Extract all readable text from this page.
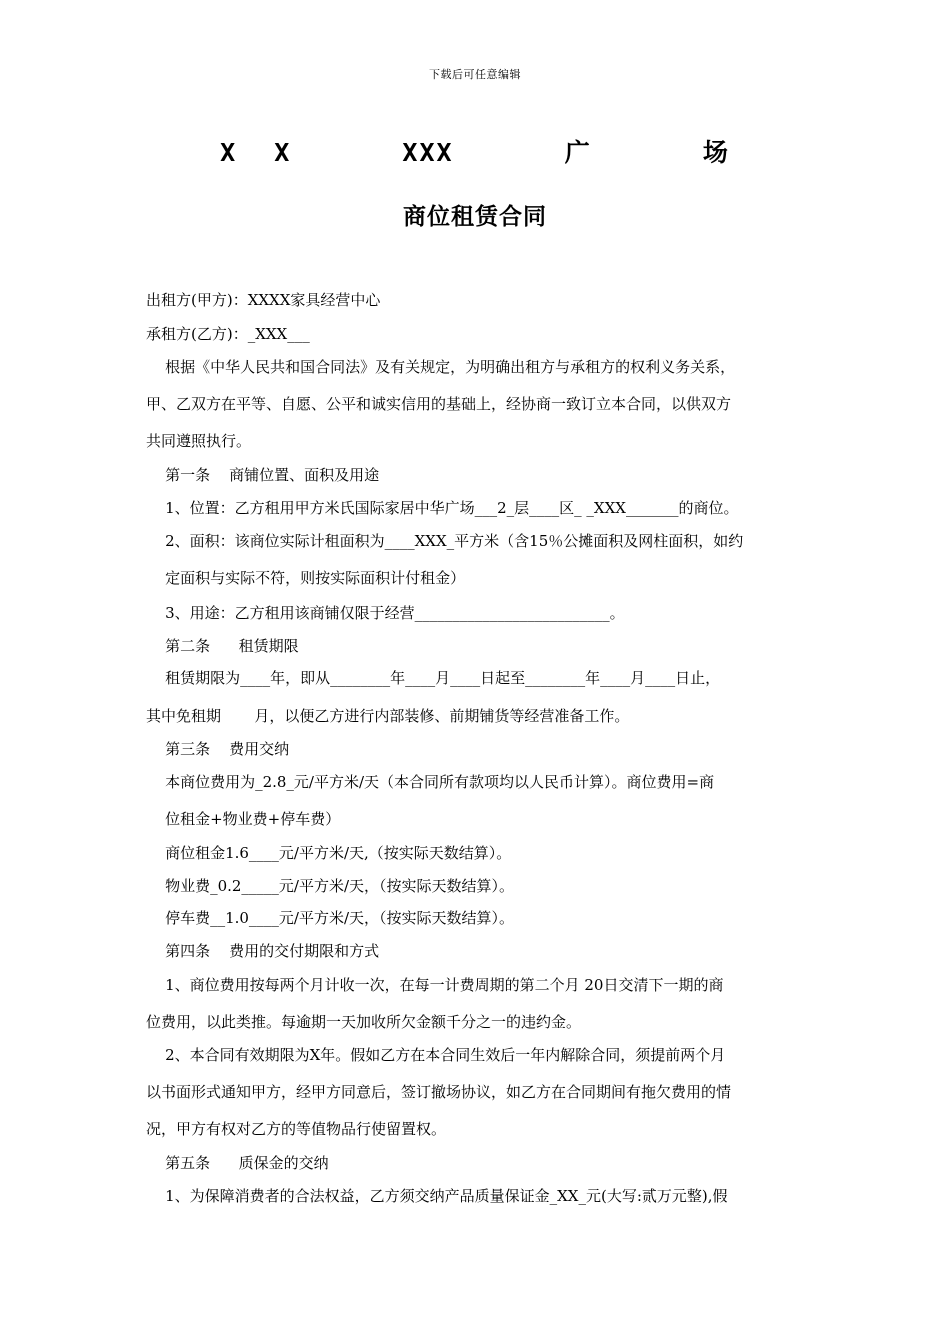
下载后可任意编辑
X X   XXX   广   场
商位租赁合同
出租方(甲方)：XXXX家具经营中心
承租方(乙方)：_XXX___
根据《中华人民共和国合同法》及有关规定，为明确出租方与承租方的权利义务关系，
甲、乙双方在平等、自愿、公平和诚实信用的基础上，经协商一致订立本合同，以供双方
共同遵照执行。
第一条    商铺位置、面积及用途
1、位置：乙方租用甲方米氏国际家居中华广场___2_层____区_ _XXX_______的商位。
2、面积：该商位实际计租面积为____XXX_平方米（含15％公摊面积及网柱面积，如约
定面积与实际不符，则按实际面积计付租金）
3、用途：乙方租用该商铺仅限于经营__________________________。
第二条      租赁期限
租赁期限为____年，即从________年____月____日起至________年____月____日止，
其中免租期       月，以便乙方进行内部装修、前期铺货等经营准备工作。
第三条    费用交纳
本商位费用为_2.8_元/平方米/天（本合同所有款项均以人民币计算）。商位费用=商
位租金+物业费+停车费）
商位租金1.6____元/平方米/天,（按实际天数结算）。
物业费_0.2_____元/平方米/天，（按实际天数结算）。
停车费__1.0____元/平方米/天，（按实际天数结算）。
第四条    费用的交付期限和方式
1、商位费用按每两个月计收一次，在每一计费周期的第二个月 20日交清下一期的商
位费用，以此类推。每逾期一天加收所欠金额千分之一的违约金。
2、本合同有效期限为X年。假如乙方在本合同生效后一年内解除合同，须提前两个月
以书面形式通知甲方，经甲方同意后，签订撤场协议，如乙方在合同期间有拖欠费用的情
况，甲方有权对乙方的等值物品行使留置权。
第五条      质保金的交纳
1、为保障消费者的合法权益，乙方须交纳产品质量保证金_XX_元(大写:贰万元整),假
